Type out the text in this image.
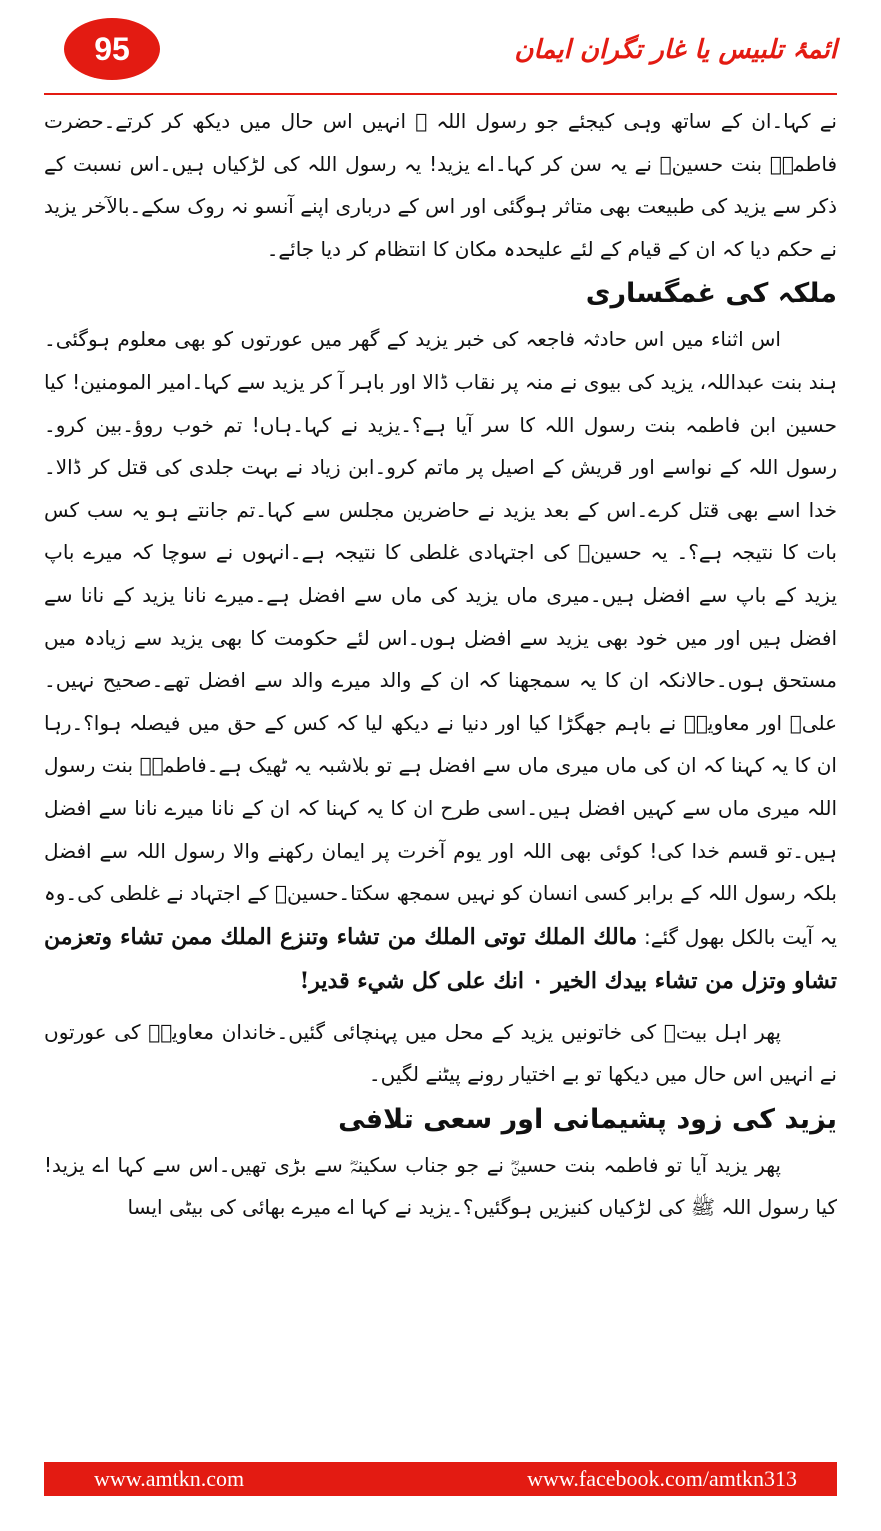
95	ائمۂ تلبیس یا غار تگران ایمان

نے کہا۔ان کے ساتھ وہی کیجئے جو رسول اللہ ﷺ انہیں اس حال میں دیکھ کر کرتے۔حضرت فاطمہؓ بنت حسینؓ نے یہ سن کر کہا۔اے یزید! یہ رسول اللہ کی لڑکیاں ہیں۔اس نسبت کے ذکر سے یزید کی طبیعت بھی متاثر ہوگئی اور اس کے درباری اپنے آنسو نہ روک سکے۔بالآخر یزید نے حکم دیا کہ ان کے قیام کے لئے علیحدہ مکان کا انتظام کر دیا جائے۔

ملکہ کی غمگساری

اس اثناء میں اس حادثہ فاجعہ کی خبر یزید کے گھر میں عورتوں کو بھی معلوم ہوگئی۔ہند بنت عبداللہ، یزید کی بیوی نے منہ پر نقاب ڈالا اور باہر آ کر یزید سے کہا۔امیر المومنین! کیا حسین ابن فاطمہ بنت رسول اللہ کا سر آیا ہے؟۔یزید نے کہا۔ہاں! تم خوب روؤ۔بین کرو۔رسول اللہ کے نواسے اور قریش کے اصیل پر ماتم کرو۔ابن زیاد نے بہت جلدی کی قتل کر ڈالا۔خدا اسے بھی قتل کرے۔اس کے بعد یزید نے حاضرین مجلس سے کہا۔تم جانتے ہو یہ سب کس بات کا نتیجہ ہے؟۔ یہ حسینؓ کی اجتہادی غلطی کا نتیجہ ہے۔انہوں نے سوچا کہ میرے باپ یزید کے باپ سے افضل ہیں۔میری ماں یزید کی ماں سے افضل ہے۔میرے نانا یزید کے نانا سے افضل ہیں اور میں خود بھی یزید سے افضل ہوں۔اس لئے حکومت کا بھی یزید سے زیادہ میں مستحق ہوں۔حالانکہ ان کا یہ سمجھنا کہ ان کے والد میرے والد سے افضل تھے۔صحیح نہیں۔علیؓ اور معاویہؓ نے باہم جھگڑا کیا اور دنیا نے دیکھ لیا کہ کس کے حق میں فیصلہ ہوا؟۔رہا ان کا یہ کہنا کہ ان کی ماں میری ماں سے افضل ہے تو بلاشبہ یہ ٹھیک ہے۔فاطمہؓ بنت رسول اللہ میری ماں سے کہیں افضل ہیں۔اسی طرح ان کا یہ کہنا کہ ان کے نانا میرے نانا سے افضل ہیں۔تو قسم خدا کی! کوئی بھی اللہ اور یوم آخرت پر ایمان رکھنے والا رسول اللہ سے افضل بلکہ رسول اللہ کے برابر کسی انسان کو نہیں سمجھ سکتا۔حسینؓ کے اجتہاد نے غلطی کی۔وہ یہ آیت بالکل بھول گئے: مالك الملك توتى الملك من تشاء وتنزع الملك ممن تشاء وتعزمن تشاو وتزل من تشاء بيدك الخير ٠ انك على كل شيء قدير!

پھر اہل بیتؓ کی خاتونیں یزید کے محل میں پہنچائی گئیں۔خاندان معاویہؓ کی عورتوں نے انہیں اس حال میں دیکھا تو بے اختیار رونے پیٹنے لگیں۔

یزید کی زود پشیمانی اور سعی تلافی

پھر یزید آیا تو فاطمہ بنت حسینؓ نے جو جناب سکینہؓ سے بڑی تھیں۔اس سے کہا اے یزید! کیا رسول اللہ ﷺ کی لڑکیاں کنیزیں ہوگئیں؟۔یزید نے کہا اے میرے بھائی کی بیٹی ایسا

www.amtkn.com	www.facebook.com/amtkn313
